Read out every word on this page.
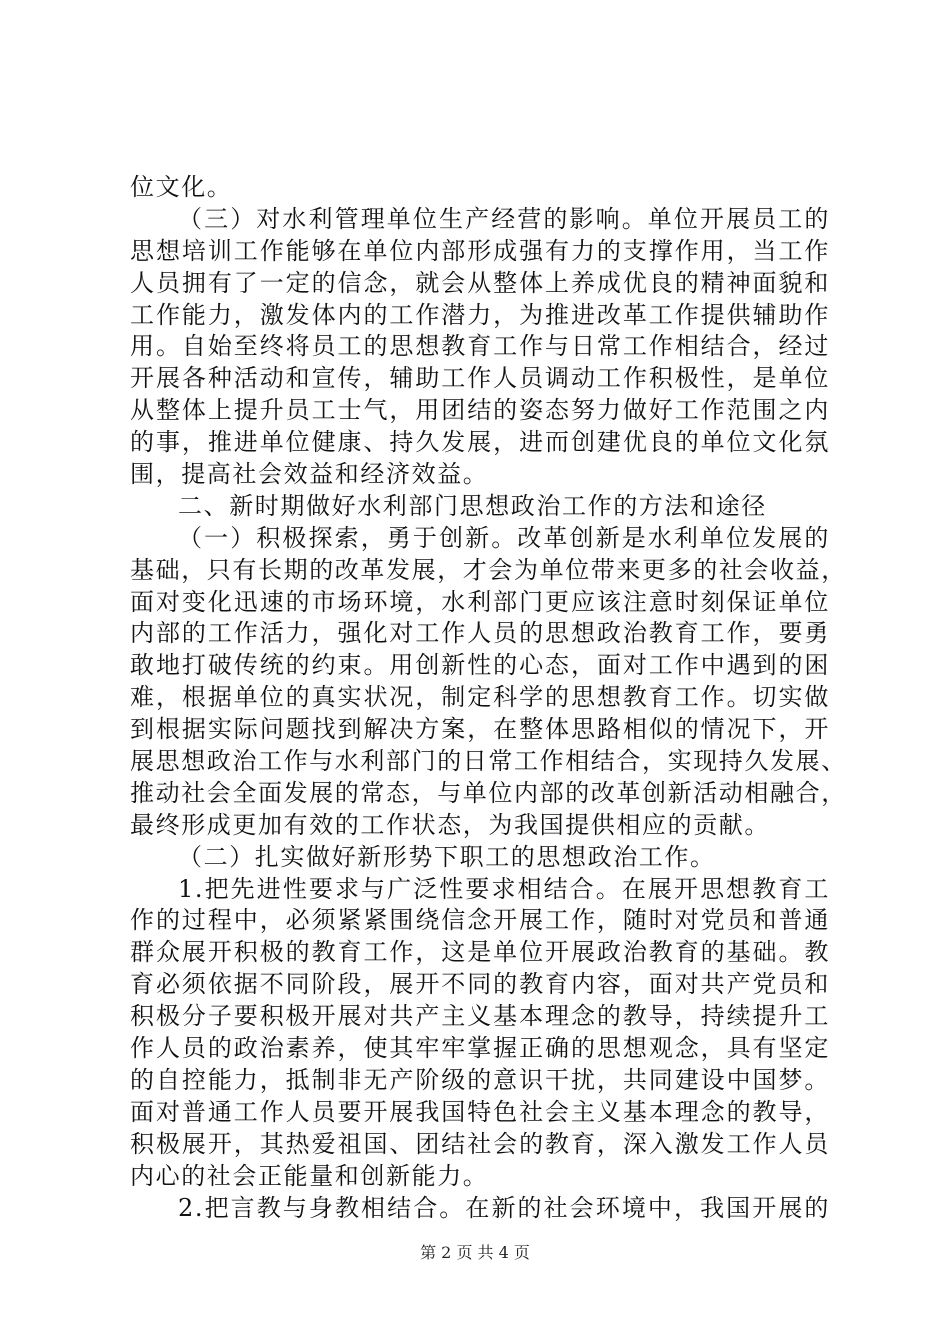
位文化。
（三）对水利管理单位生产经营的影响。单位开展员工的
思想培训工作能够在单位内部形成强有力的支撑作用，当工作
人员拥有了一定的信念，就会从整体上养成优良的精神面貌和
工作能力，激发体内的工作潜力，为推进改革工作提供辅助作
用。自始至终将员工的思想教育工作与日常工作相结合，经过
开展各种活动和宣传，辅助工作人员调动工作积极性，是单位
从整体上提升员工士气，用团结的姿态努力做好工作范围之内
的事，推进单位健康、持久发展，进而创建优良的单位文化氛
围，提高社会效益和经济效益。
二、新时期做好水利部门思想政治工作的方法和途径
（一）积极探索，勇于创新。改革创新是水利单位发展的
基础，只有长期的改革发展，才会为单位带来更多的社会收益，
面对变化迅速的市场环境，水利部门更应该注意时刻保证单位
内部的工作活力，强化对工作人员的思想政治教育工作，要勇
敢地打破传统的约束。用创新性的心态，面对工作中遇到的困
难，根据单位的真实状况，制定科学的思想教育工作。切实做
到根据实际问题找到解决方案，在整体思路相似的情况下，开
展思想政治工作与水利部门的日常工作相结合，实现持久发展、
推动社会全面发展的常态，与单位内部的改革创新活动相融合，
最终形成更加有效的工作状态，为我国提供相应的贡献。
（二）扎实做好新形势下职工的思想政治工作。
1.把先进性要求与广泛性要求相结合。在展开思想教育工
作的过程中，必须紧紧围绕信念开展工作，随时对党员和普通
群众展开积极的教育工作，这是单位开展政治教育的基础。教
育必须依据不同阶段，展开不同的教育内容，面对共产党员和
积极分子要积极开展对共产主义基本理念的教导，持续提升工
作人员的政治素养，使其牢牢掌握正确的思想观念，具有坚定
的自控能力，抵制非无产阶级的意识干扰，共同建设中国梦。
面对普通工作人员要开展我国特色社会主义基本理念的教导，
积极展开，其热爱祖国、团结社会的教育，深入激发工作人员
内心的社会正能量和创新能力。
2.把言教与身教相结合。在新的社会环境中，我国开展的
第 2 页 共 4 页
